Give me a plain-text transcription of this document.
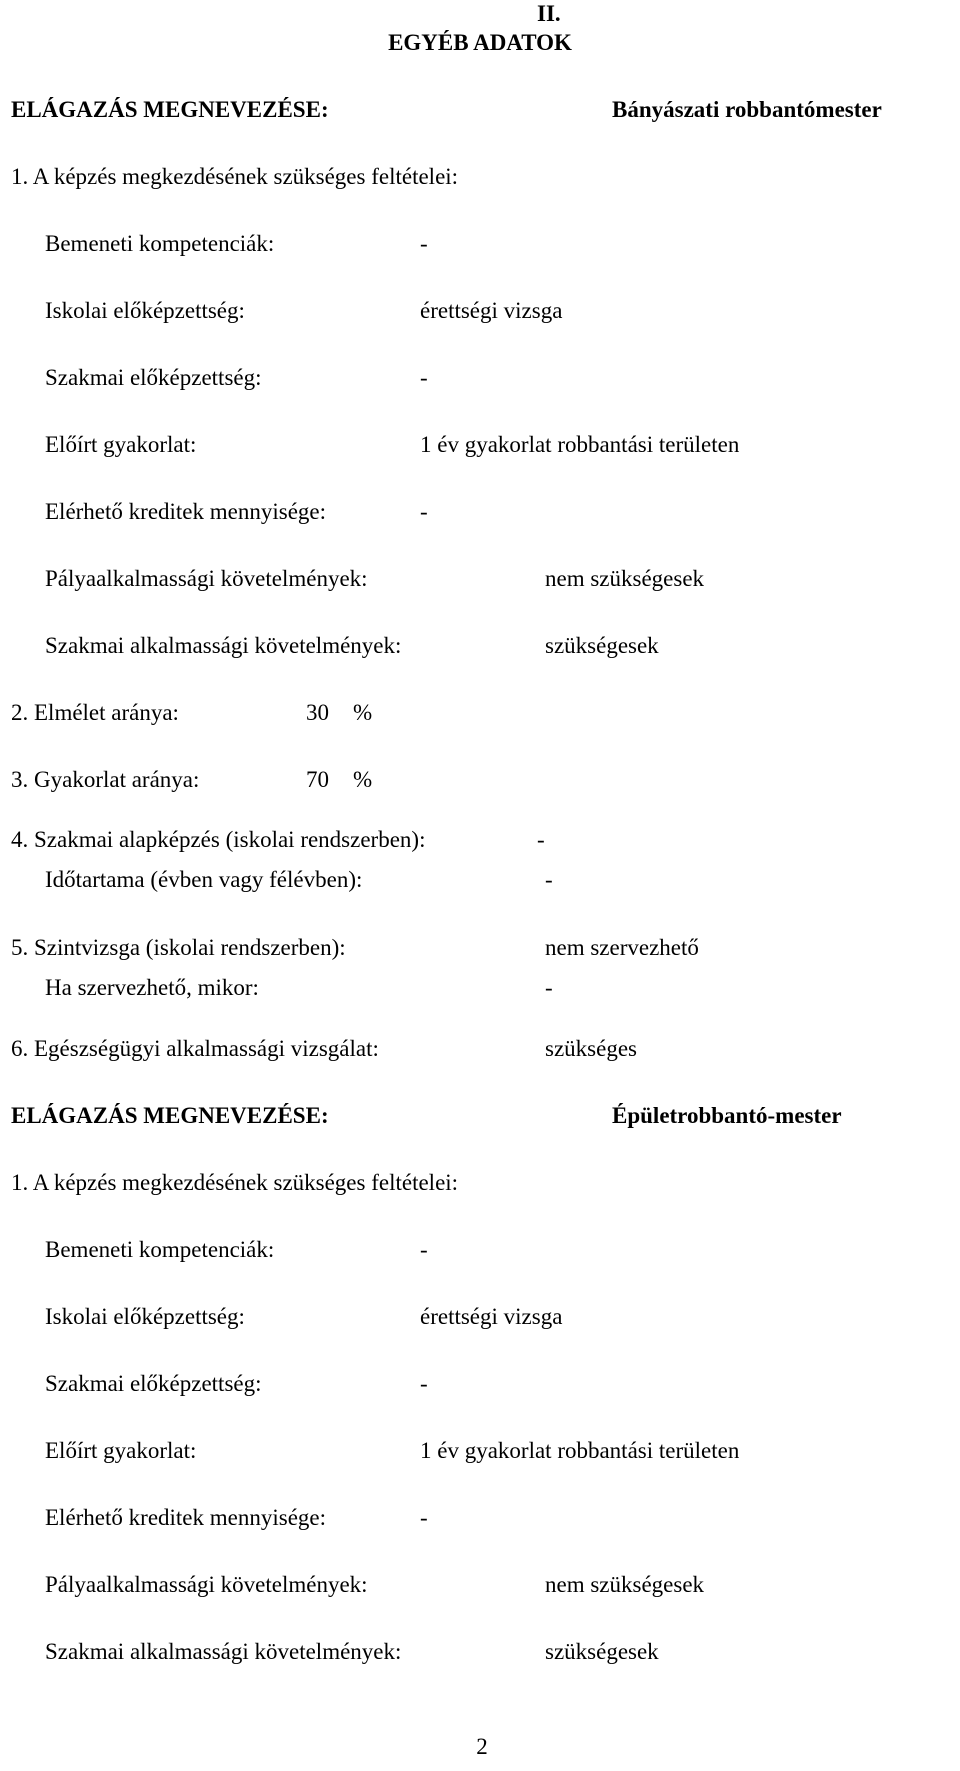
II.
EGYÉB ADATOK
ELÁGAZÁS MEGNEVEZÉSE:	Bányászati robbantómester
1. A képzés megkezdésének szükséges feltételei:
Bemeneti kompetenciák:	-
Iskolai előképzettség:	érettségi vizsga
Szakmai előképzettség:	-
Előírt gyakorlat:	1 év gyakorlat robbantási területen
Elérhető kreditek mennyisége:	-
Pályaalkalmassági követelmények:	nem szükségesek
Szakmai alkalmassági követelmények:	szükségesek
2. Elmélet aránya:	30 %
3. Gyakorlat aránya:	70 %
4. Szakmai alapképzés (iskolai rendszerben):	-
Időtartama (évben vagy félévben):	-
5. Szintvizsga (iskolai rendszerben):	nem szervezhető
Ha szervezhető, mikor:	-
6. Egészségügyi alkalmassági vizsgálat:	szükséges
ELÁGAZÁS MEGNEVEZÉSE:	Épületrobbantó-mester
1. A képzés megkezdésének szükséges feltételei:
Bemeneti kompetenciák:	-
Iskolai előképzettség:	érettségi vizsga
Szakmai előképzettség:	-
Előírt gyakorlat:	1 év gyakorlat robbantási területen
Elérhető kreditek mennyisége:	-
Pályaalkalmassági követelmények:	nem szükségesek
Szakmai alkalmassági követelmények:	szükségesek
2
